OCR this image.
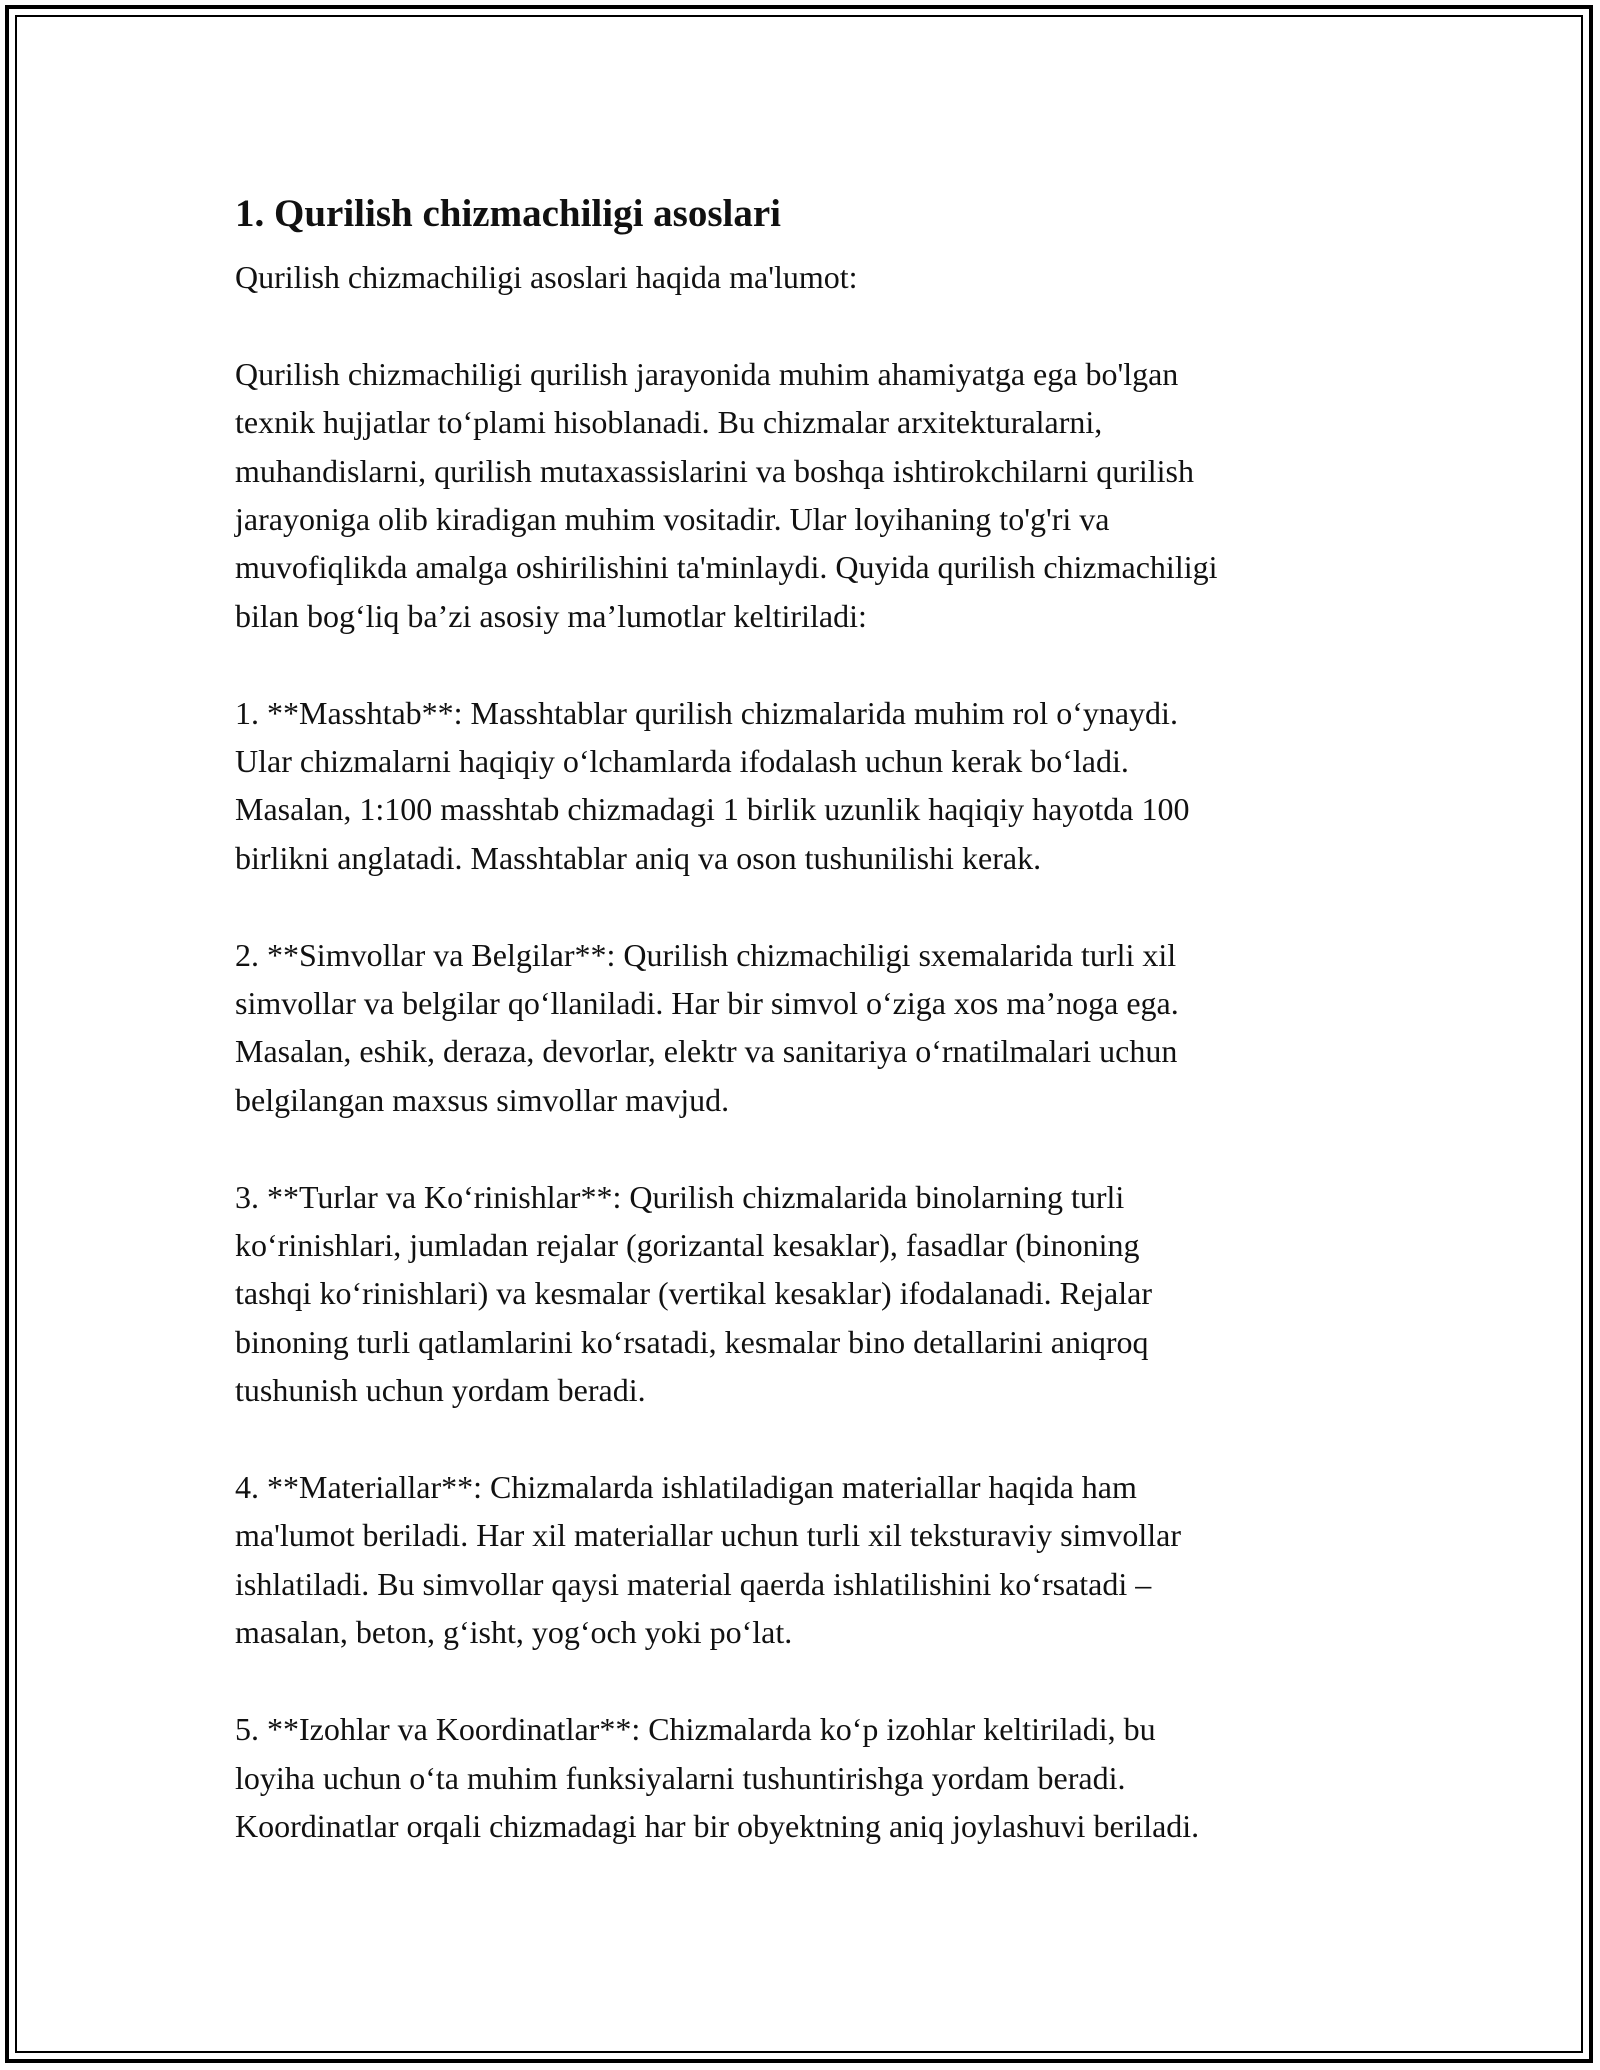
1. Qurilish chizmachiligi asoslari

Qurilish chizmachiligi asoslari haqida ma'lumot:

Qurilish chizmachiligi qurilish jarayonida muhim ahamiyatga ega bo'lgan
texnik hujjatlar to‘plami hisoblanadi. Bu chizmalar arxitekturalarni,
muhandislarni, qurilish mutaxassislarini va boshqa ishtirokchilarni qurilish
jarayoniga olib kiradigan muhim vositadir. Ular loyihaning to'g'ri va
muvofiqlikda amalga oshirilishini ta'minlaydi. Quyida qurilish chizmachiligi
bilan bog‘liq ba’zi asosiy ma’lumotlar keltiriladi:

1. **Masshtab**: Masshtablar qurilish chizmalarida muhim rol o‘ynaydi.
Ular chizmalarni haqiqiy o‘lchamlarda ifodalash uchun kerak bo‘ladi.
Masalan, 1:100 masshtab chizmadagi 1 birlik uzunlik haqiqiy hayotda 100
birlikni anglatadi. Masshtablar aniq va oson tushunilishi kerak.

2. **Simvollar va Belgilar**: Qurilish chizmachiligi sxemalarida turli xil
simvollar va belgilar qo‘llaniladi. Har bir simvol o‘ziga xos ma’noga ega.
Masalan, eshik, deraza, devorlar, elektr va sanitariya o‘rnatilmalari uchun
belgilangan maxsus simvollar mavjud.

3. **Turlar va Ko‘rinishlar**: Qurilish chizmalarida binolarning turli
ko‘rinishlari, jumladan rejalar (gorizantal kesaklar), fasadlar (binoning
tashqi ko‘rinishlari) va kesmalar (vertikal kesaklar) ifodalanadi. Rejalar
binoning turli qatlamlarini ko‘rsatadi, kesmalar bino detallarini aniqroq
tushunish uchun yordam beradi.

4. **Materiallar**: Chizmalarda ishlatiladigan materiallar haqida ham
ma'lumot beriladi. Har xil materiallar uchun turli xil teksturaviy simvollar
ishlatiladi. Bu simvollar qaysi material qaerda ishlatilishini ko‘rsatadi –
masalan, beton, g‘isht, yog‘och yoki po‘lat.

5. **Izohlar va Koordinatlar**: Chizmalarda ko‘p izohlar keltiriladi, bu
loyiha uchun o‘ta muhim funksiyalarni tushuntirishga yordam beradi.
Koordinatlar orqali chizmadagi har bir obyektning aniq joylashuvi beriladi.
